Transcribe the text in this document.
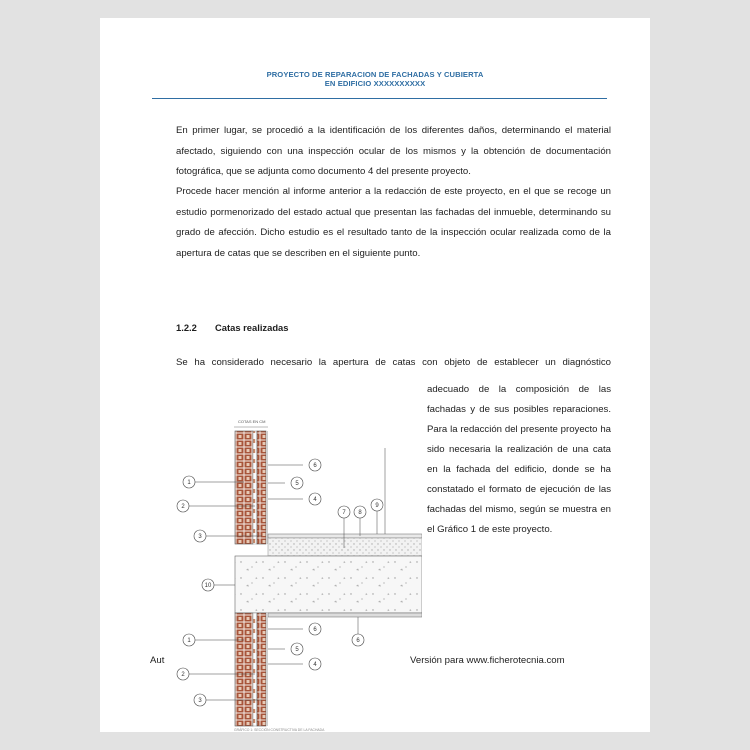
PROYECTO DE REPARACION DE FACHADAS Y CUBIERTA
EN EDIFICIO XXXXXXXXXX
En primer lugar, se procedió a la identificación de los diferentes daños, determinando el material afectado, siguiendo con una inspección ocular de los mismos y la obtención de documentación fotográfica, que se adjunta como documento 4 del presente proyecto.
Procede hacer mención al informe anterior a la redacción de este proyecto, en el que se recoge un estudio pormenorizado del estado actual que presentan las fachadas del inmueble, determinando su grado de afección. Dicho estudio es el resultado tanto de la inspección ocular realizada como de la apertura de catas que se describen en el siguiente punto.
1.2.2 Catas realizadas
Se ha considerado necesario la apertura de catas con objeto de establecer un diagnóstico
adecuado de la composición de las fachadas y de sus posibles reparaciones. Para la redacción del presente proyecto ha sido necesaria la realización de una cata en la fachada del edificio, donde se ha constatado el formato de ejecución de las fachadas del mismo, según se muestra en el Gráfico 1 de este proyecto.
COTAS EN CM
6
1	5
2
4
3
7 8
9
10
6
1
5
2
4
3
6
GRÁFICO 1: SECCIÓN CONSTRUCTIVA DE LA FACHADA
Aut	Versión para www.ficherotecnia.com
